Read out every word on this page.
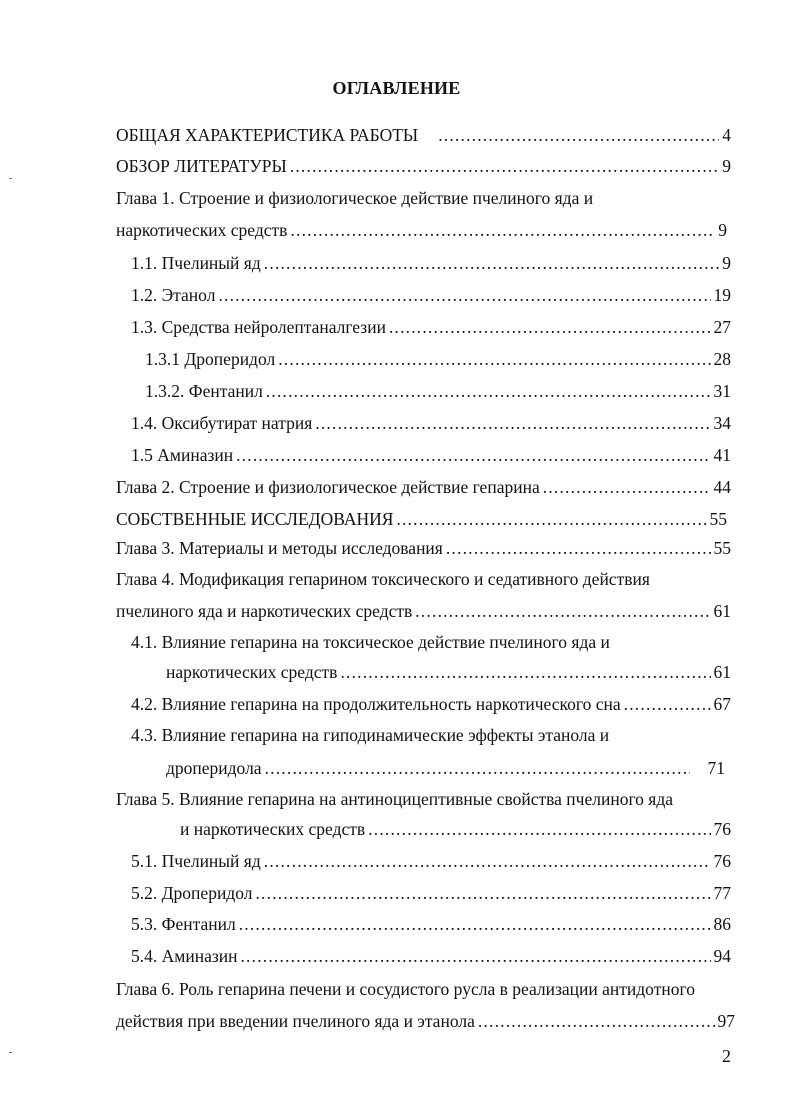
ОГЛАВЛЕНИЕ
ОБЩАЯ ХАРАКТЕРИСТИКА РАБОТЫ .....	4
ОБЗОР ЛИТЕРАТУРЫ .....	9
Глава 1. Строение и физиологическое действие пчелиного яда и
наркотических средств .....	9
1.1. Пчелиный яд .....	9
1.2. Этанол .....	19
1.3. Средства нейролептаналгезии .....	27
1.3.1 Дроперидол .....	28
1.3.2. Фентанил .....	31
1.4. Оксибутират натрия .....	34
1.5 Аминазин .....	41
Глава 2. Строение и физиологическое действие гепарина .....	44
СОБСТВЕННЫЕ ИССЛЕДОВАНИЯ .....	55
Глава 3. Материалы и методы исследования .....	55
Глава 4. Модификация гепарином токсического и седативного действия
пчелиного яда и наркотических средств .....	61
4.1. Влияние гепарина на токсическое действие пчелиного яда и
наркотических средств .....	61
4.2. Влияние гепарина на продолжительность наркотического сна .....	67
4.3. Влияние гепарина на гиподинамические эффекты этанола и
дроперидола .....	71
Глава 5. Влияние гепарина на антиноцицептивные свойства пчелиного яда
и наркотических средств .....	76
5.1. Пчелиный яд .....	76
5.2. Дроперидол .....	77
5.3. Фентанил .....	86
5.4. Аминазин .....	94
Глава 6. Роль гепарина печени и сосудистого русла в реализации антидотного
действия при введении пчелиного яда и этанола .....	97
2
